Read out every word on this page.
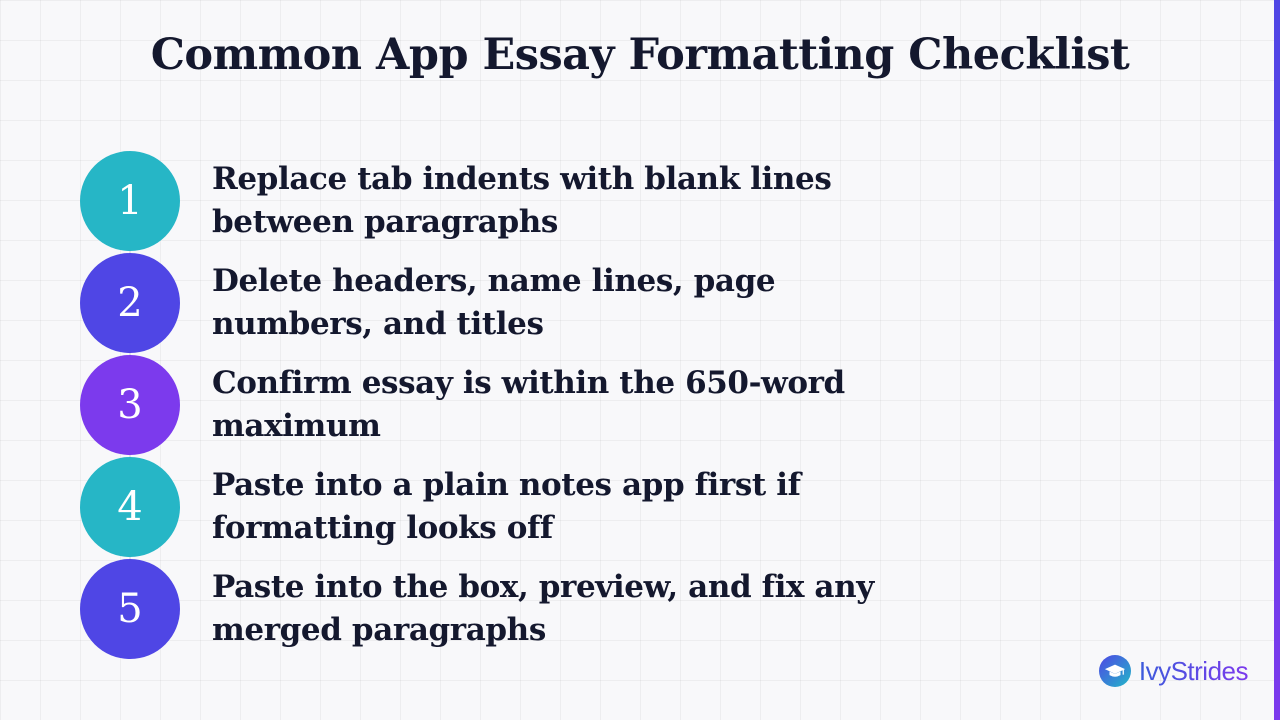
Common App Essay Formatting Checklist
1	Replace tab indents with blank lines between paragraphs
2	Delete headers, name lines, page numbers, and titles
3	Confirm essay is within the 650-word maximum
4	Paste into a plain notes app first if formatting looks off
5	Paste into the box, preview, and fix any merged paragraphs
IvyStrides
